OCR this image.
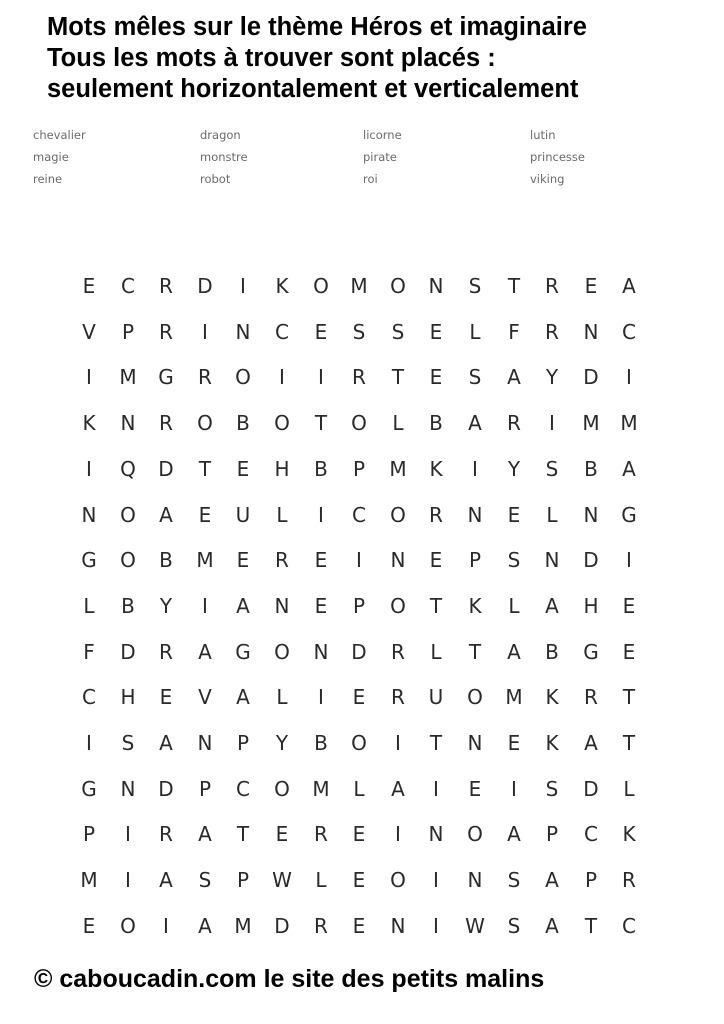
Mots mêles sur le thème Héros et imaginaire
Tous les mots à trouver sont placés :
seulement horizontalement et verticalement
chevalier	dragon	licorne	lutin
magie	monstre	pirate	princesse
reine	robot	roi	viking
E	C	R	D	I	K	O	M	O	N	S	T	R	E	A
V	P	R	I	N	C	E	S	S	E	L	F	R	N	C
I	M	G	R	O	I	I	R	T	E	S	A	Y	D	I
K	N	R	O	B	O	T	O	L	B	A	R	I	M	M
I	Q	D	T	E	H	B	P	M	K	I	Y	S	B	A
N	O	A	E	U	L	I	C	O	R	N	E	L	N	G
G	O	B	M	E	R	E	I	N	E	P	S	N	D	I
L	B	Y	I	A	N	E	P	O	T	K	L	A	H	E
F	D	R	A	G	O	N	D	R	L	T	A	B	G	E
C	H	E	V	A	L	I	E	R	U	O	M	K	R	T
I	S	A	N	P	Y	B	O	I	T	N	E	K	A	T
G	N	D	P	C	O	M	L	A	I	E	I	S	D	L
P	I	R	A	T	E	R	E	I	N	O	A	P	C	K
M	I	A	S	P	W	L	E	O	I	N	S	A	P	R
E	O	I	A	M	D	R	E	N	I	W	S	A	T	C
© caboucadin.com le site des petits malins
